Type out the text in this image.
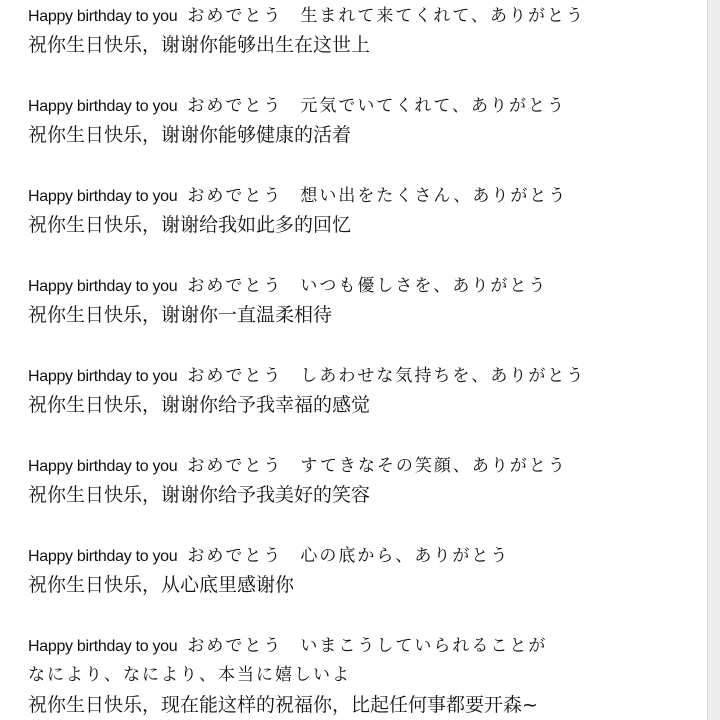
Happy birthday to you おめでとう 生まれて来てくれて、ありがとう
祝你生日快乐，谢谢你能够出生在这世上
Happy birthday to you おめでとう 元気でいてくれて、ありがとう
祝你生日快乐，谢谢你能够健康的活着
Happy birthday to you おめでとう 想い出をたくさん、ありがとう
祝你生日快乐，谢谢给我如此多的回忆
Happy birthday to you おめでとう いつも優しさを、ありがとう
祝你生日快乐，谢谢你一直温柔相待
Happy birthday to you おめでとう しあわせな気持ちを、ありがとう
祝你生日快乐，谢谢你给予我幸福的感觉
Happy birthday to you おめでとう すてきなその笑顔、ありがとう
祝你生日快乐，谢谢你给予我美好的笑容
Happy birthday to you おめでとう 心の底から、ありがとう
祝你生日快乐，从心底里感谢你
Happy birthday to you おめでとう いまこうしていられることが
なにより、なにより、本当に嬉しいよ
祝你生日快乐，现在能这样的祝福你，比起任何事都要开森~
